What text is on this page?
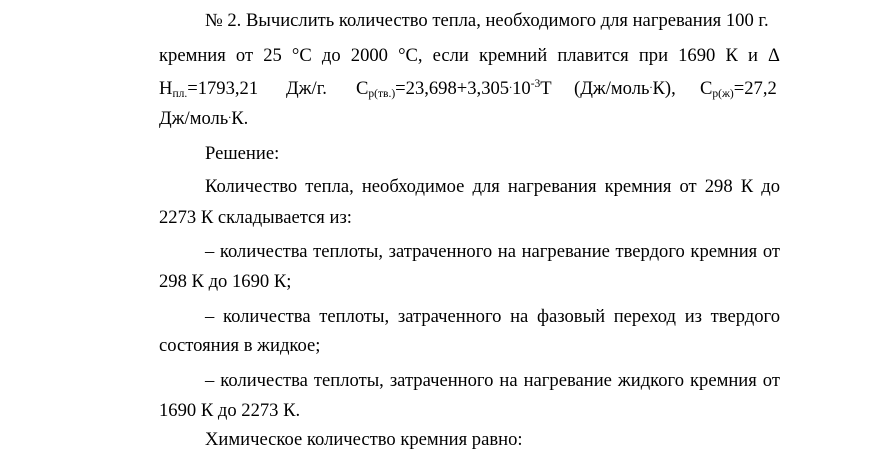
№ 2. Вычислить количество тепла, необходимого для нагревания 100 г.
кремния от 25 °C до 2000 °C, если кремний плавится при 1690 К и Δ
$H_{пл.}=1793,21$ Дж/г. $C_{р(тв.)}=23,698+3,305^.10^{-3}T$ (Дж/моль.К), $C_{р(ж)}=27,2$
Дж/моль.К.
Решение:
Количество тепла, необходимое для нагревания кремния от 298 К до
2273 К складывается из:
– количества теплоты, затраченного на нагревание твердого кремния от
298 К до 1690 К;
– количества теплоты, затраченного на фазовый переход из твердого
состояния в жидкое;
– количества теплоты, затраченного на нагревание жидкого кремния от
1690 К до 2273 К.
Химическое количество кремния равно:
